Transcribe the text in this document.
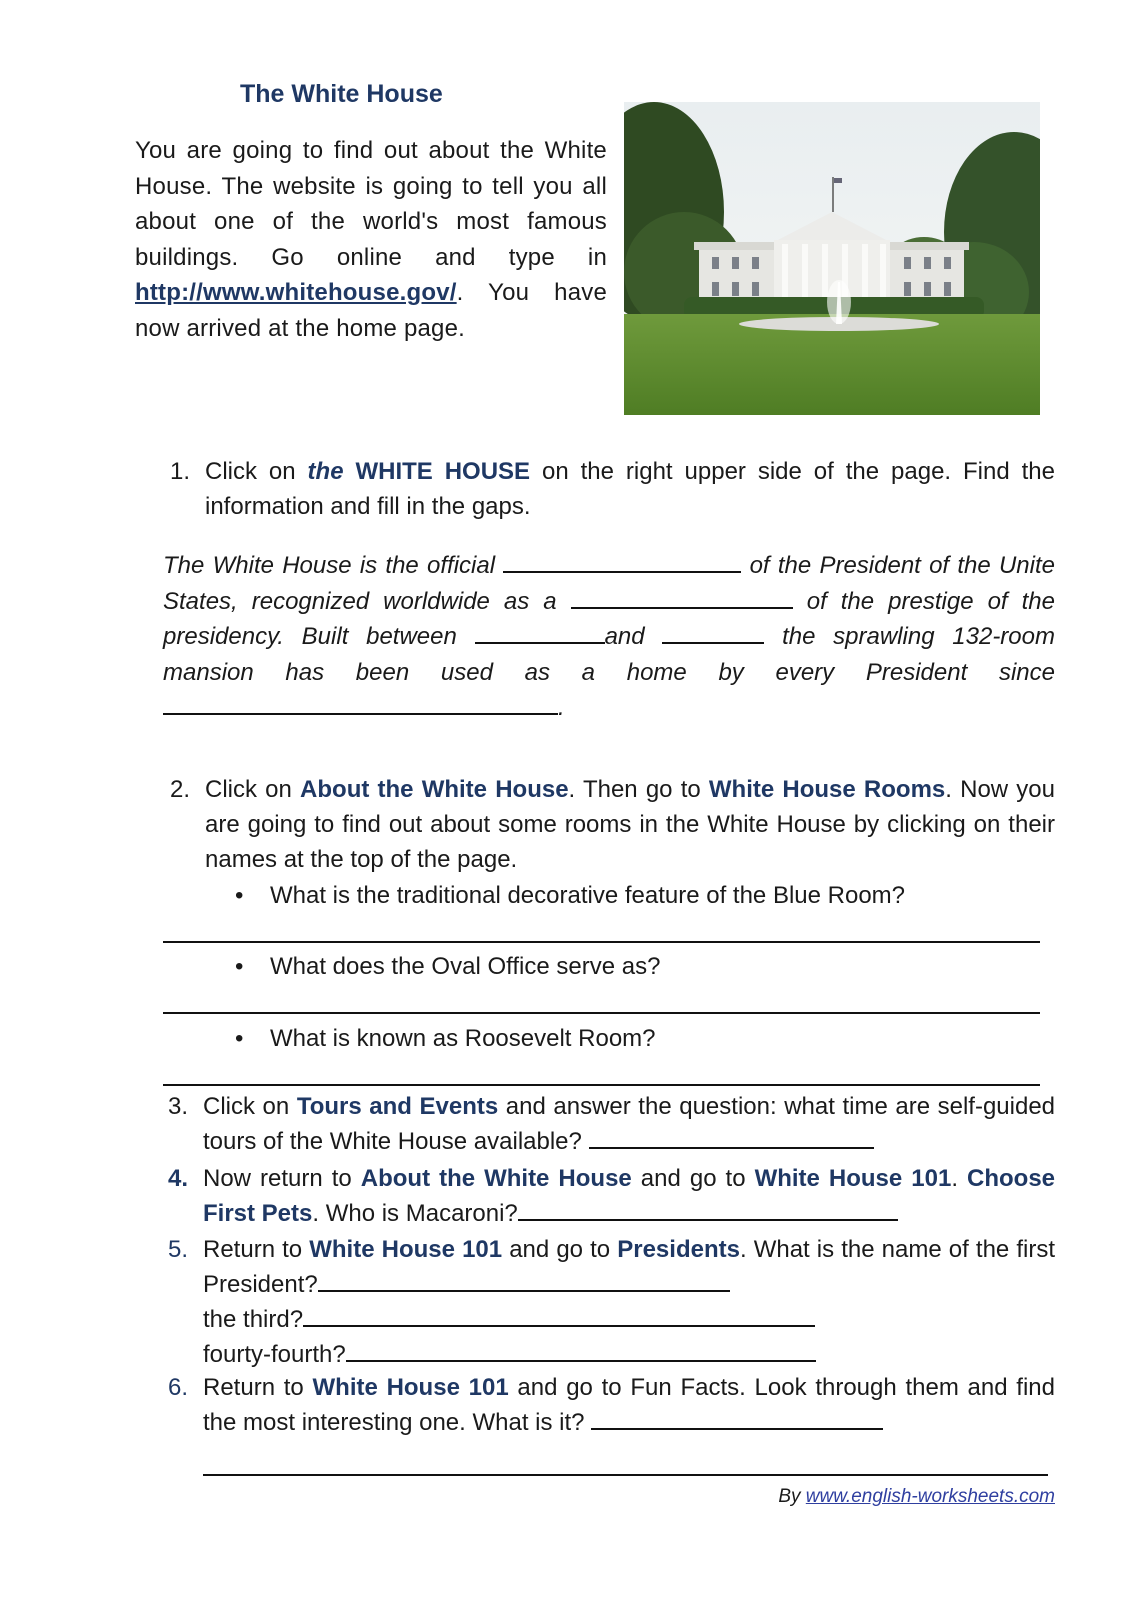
The White House
You are going to find out about the White House. The website is going to tell you all about one of the world's most famous buildings. Go online and type in http://www.whitehouse.gov/. You have now arrived at the home page.
1. Click on the WHITE HOUSE on the right upper side of the page. Find the information and fill in the gaps.
The White House is the official	of the President of the Unite States, recognized worldwide as a	of the prestige of the presidency. Built between	and	the sprawling 132-room mansion has been used as a home by every President since .
2. Click on About the White House. Then go to White House Rooms. Now you are going to find out about some rooms in the White House by clicking on their names at the top of the page.
• What is the traditional decorative feature of the Blue Room?
• What does the Oval Office serve as?
• What is known as Roosevelt Room?
3. Click on Tours and Events and answer the question: what time are self-guided tours of the White House available?
4. Now return to About the White House and go to White House 101. Choose First Pets. Who is Macaroni?
5. Return to White House 101 and go to Presidents. What is the name of the first President?
the third?
fourty-fourth?
6. Return to White House 101 and go to Fun Facts. Look through them and find the most interesting one. What is it?
By www.english-worksheets.com
